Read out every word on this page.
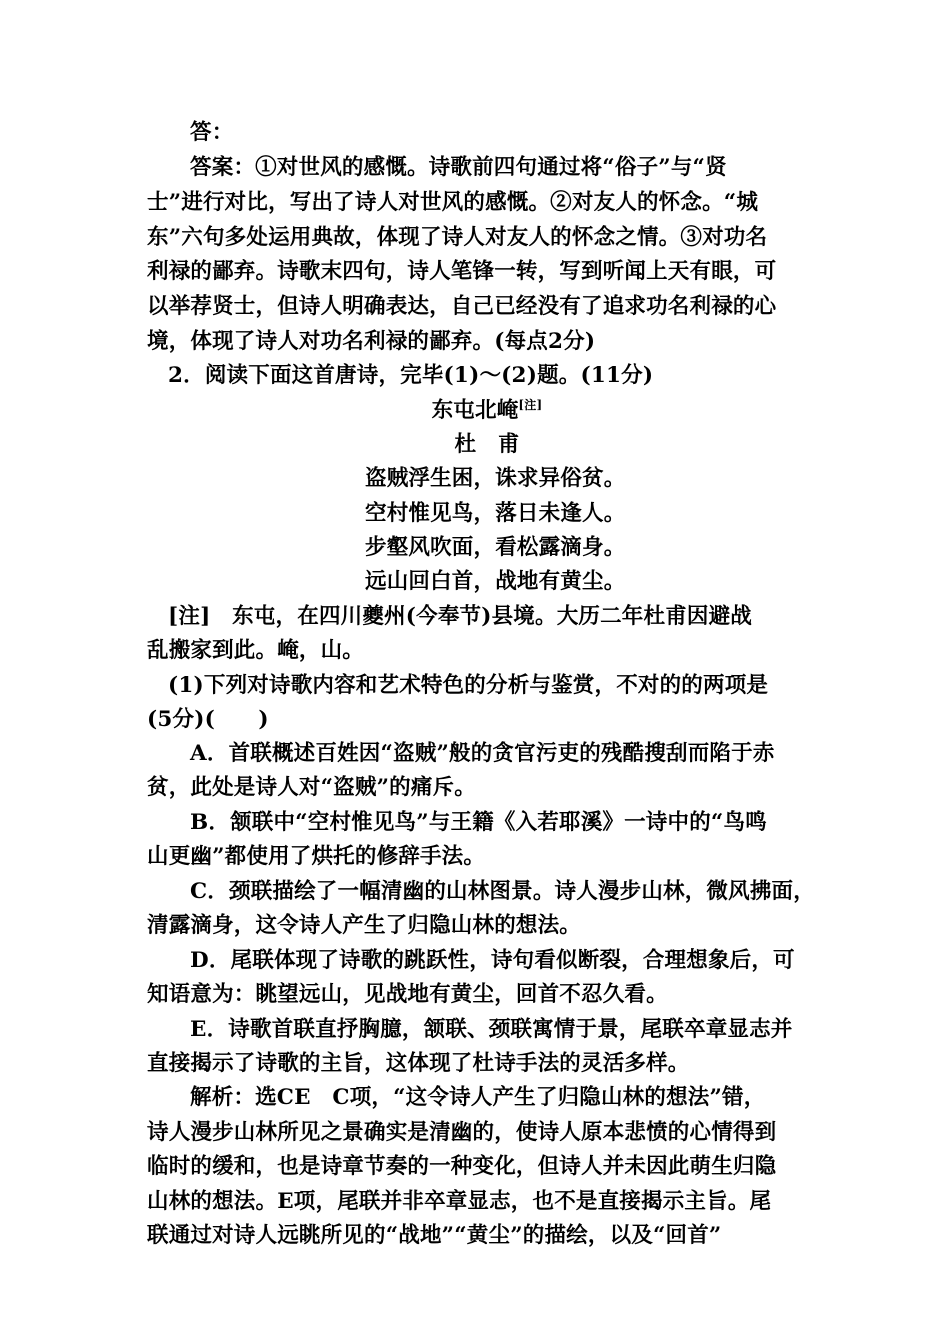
答：
答案：①对世风的感慨。诗歌前四句通过将“俗子”与“贤
士”进行对比，写出了诗人对世风的感慨。②对友人的怀念。“城
东”六句多处运用典故，体现了诗人对友人的怀念之情。③对功名
利禄的鄙弃。诗歌末四句，诗人笔锋一转，写到听闻上天有眼，可
以举荐贤士，但诗人明确表达，自己已经没有了追求功名利禄的心
境，体现了诗人对功名利禄的鄙弃。(每点2分)
2．阅读下面这首唐诗，完毕(1)～(2)题。(11分)
东屯北崦[注]
杜　甫
盗贼浮生困，诛求异俗贫。
空村惟见鸟，落日未逢人。
步壑风吹面，看松露滴身。
远山回白首，战地有黄尘。
[注]　东屯，在四川夔州(今奉节)县境。大历二年杜甫因避战
乱搬家到此。崦，山。
(1)下列对诗歌内容和艺术特色的分析与鉴赏，不对的的两项是
(5分)(　　)
A．首联概述百姓因“盗贼”般的贪官污吏的残酷搜刮而陷于赤
贫，此处是诗人对“盗贼”的痛斥。
B．颔联中“空村惟见鸟”与王籍《入若耶溪》一诗中的“鸟鸣
山更幽”都使用了烘托的修辞手法。
C．颈联描绘了一幅清幽的山林图景。诗人漫步山林，微风拂面，
清露滴身，这令诗人产生了归隐山林的想法。
D．尾联体现了诗歌的跳跃性，诗句看似断裂，合理想象后，可
知语意为：眺望远山，见战地有黄尘，回首不忍久看。
E．诗歌首联直抒胸臆，颔联、颈联寓情于景，尾联卒章显志并
直接揭示了诗歌的主旨，这体现了杜诗手法的灵活多样。
解析：选CE　C项，“这令诗人产生了归隐山林的想法”错，
诗人漫步山林所见之景确实是清幽的，使诗人原本悲愤的心情得到
临时的缓和，也是诗章节奏的一种变化，但诗人并未因此萌生归隐
山林的想法。E项，尾联并非卒章显志，也不是直接揭示主旨。尾
联通过对诗人远眺所见的“战地”“黄尘”的描绘，以及“回首”
